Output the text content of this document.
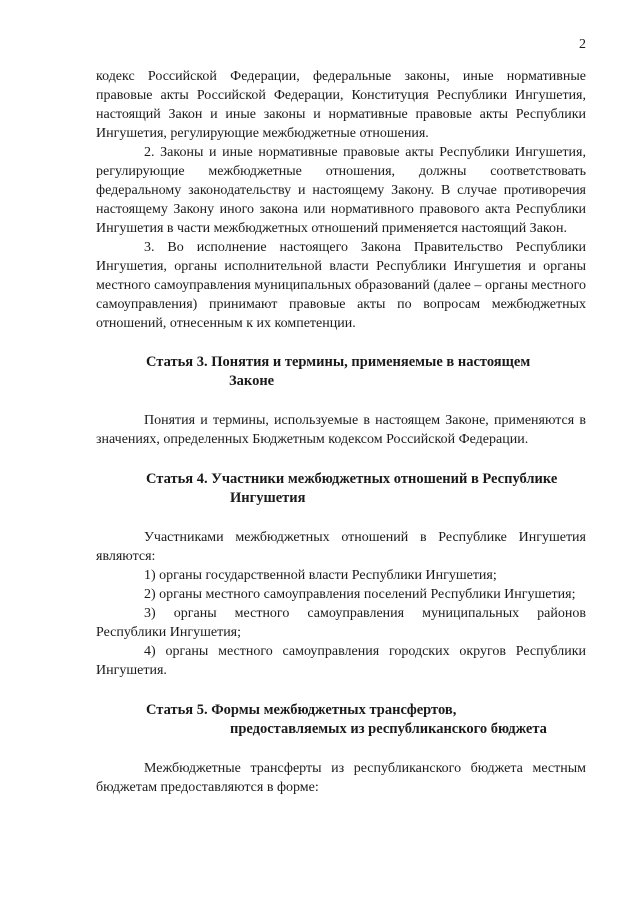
2

кодекс Российской Федерации, федеральные законы, иные нормативные правовые акты Российской Федерации, Конституция Республики Ингушетия, настоящий Закон и иные законы и нормативные правовые акты Республики Ингушетия, регулирующие межбюджетные отношения.

2. Законы и иные нормативные правовые акты Республики Ингушетия, регулирующие межбюджетные отношения, должны соответствовать федеральному законодательству и настоящему Закону. В случае противоречия настоящему Закону иного закона или нормативного правового акта Республики Ингушетия в части межбюджетных отношений применяется настоящий Закон.

3. Во исполнение настоящего Закона Правительство Республики Ингушетия, органы исполнительной власти Республики Ингушетия и органы местного самоуправления муниципальных образований (далее – органы местного самоуправления) принимают правовые акты по вопросам межбюджетных отношений, отнесенным к их компетенции.

Статья 3. Понятия и термины, применяемые в настоящем
Законе

Понятия и термины, используемые в настоящем Законе, применяются в значениях, определенных Бюджетным кодексом Российской Федерации.

Статья 4. Участники межбюджетных отношений в Республике
Ингушетия

Участниками межбюджетных отношений в Республике Ингушетия являются:

1) органы государственной власти Республики Ингушетия;

2) органы местного самоуправления поселений Республики Ингушетия;

3) органы местного самоуправления муниципальных районов Республики Ингушетия;

4) органы местного самоуправления городских округов Республики Ингушетия.

Статья 5. Формы межбюджетных трансфертов,
предоставляемых из республиканского бюджета

Межбюджетные трансферты из республиканского бюджета местным бюджетам предоставляются в форме:
